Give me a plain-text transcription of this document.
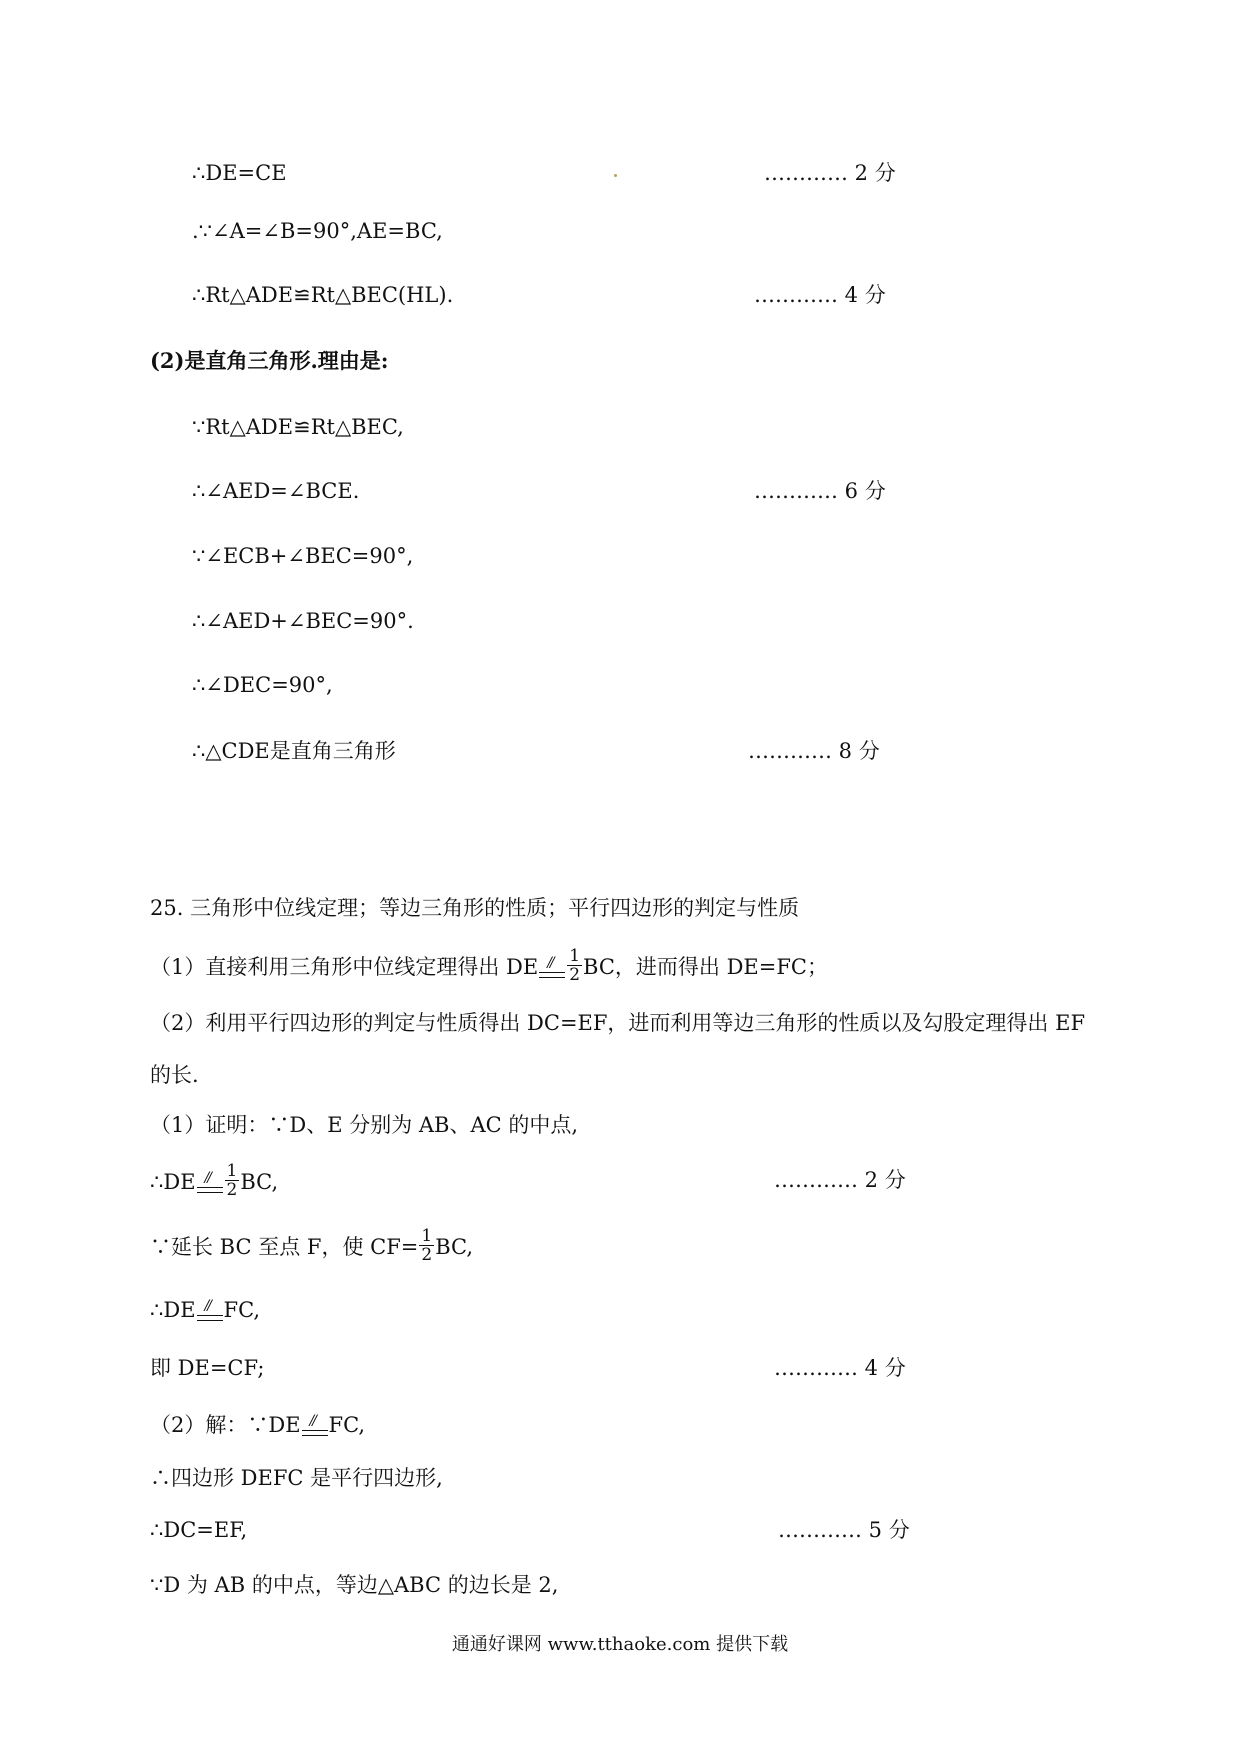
∴DE=CE	………… 2 分
.∵∠A=∠B=90°,AE=BC,
∴Rt△ADE≌Rt△BEC(HL).	………… 4 分
(2)是直角三角形.理由是:
∵Rt△ADE≌Rt△BEC,
∴∠AED=∠BCE.	………… 6 分
∵∠ECB+∠BEC=90°,
∴∠AED+∠BEC=90°.
∴∠DEC=90°,
∴△CDE是直角三角形	………… 8 分
25. 三角形中位线定理；等边三角形的性质；平行四边形的判定与性质
（1）直接利用三角形中位线定理得出 DE // $\frac{1}{2}$ BC，进而得出 DE=FC；
（2）利用平行四边形的判定与性质得出 DC=EF，进而利用等边三角形的性质以及勾股定理得出 EF
的长.
（1）证明：∵D、E 分别为 AB、AC 的中点,
∴DE // $\frac{1}{2}$ BC,	………… 2 分
∵延长 BC 至点 F，使 $CF= \frac{1}{2}$ BC,
∴DE // FC,
即 DE=CF;	………… 4 分
（2）解：∵DE // FC,
∴四边形 DEFC 是平行四边形,
∴DC=EF,	………… 5 分
∵D 为 AB 的中点，等边△ABC 的边长是 2,
通通好课网 www.tthaoke.com 提供下载
